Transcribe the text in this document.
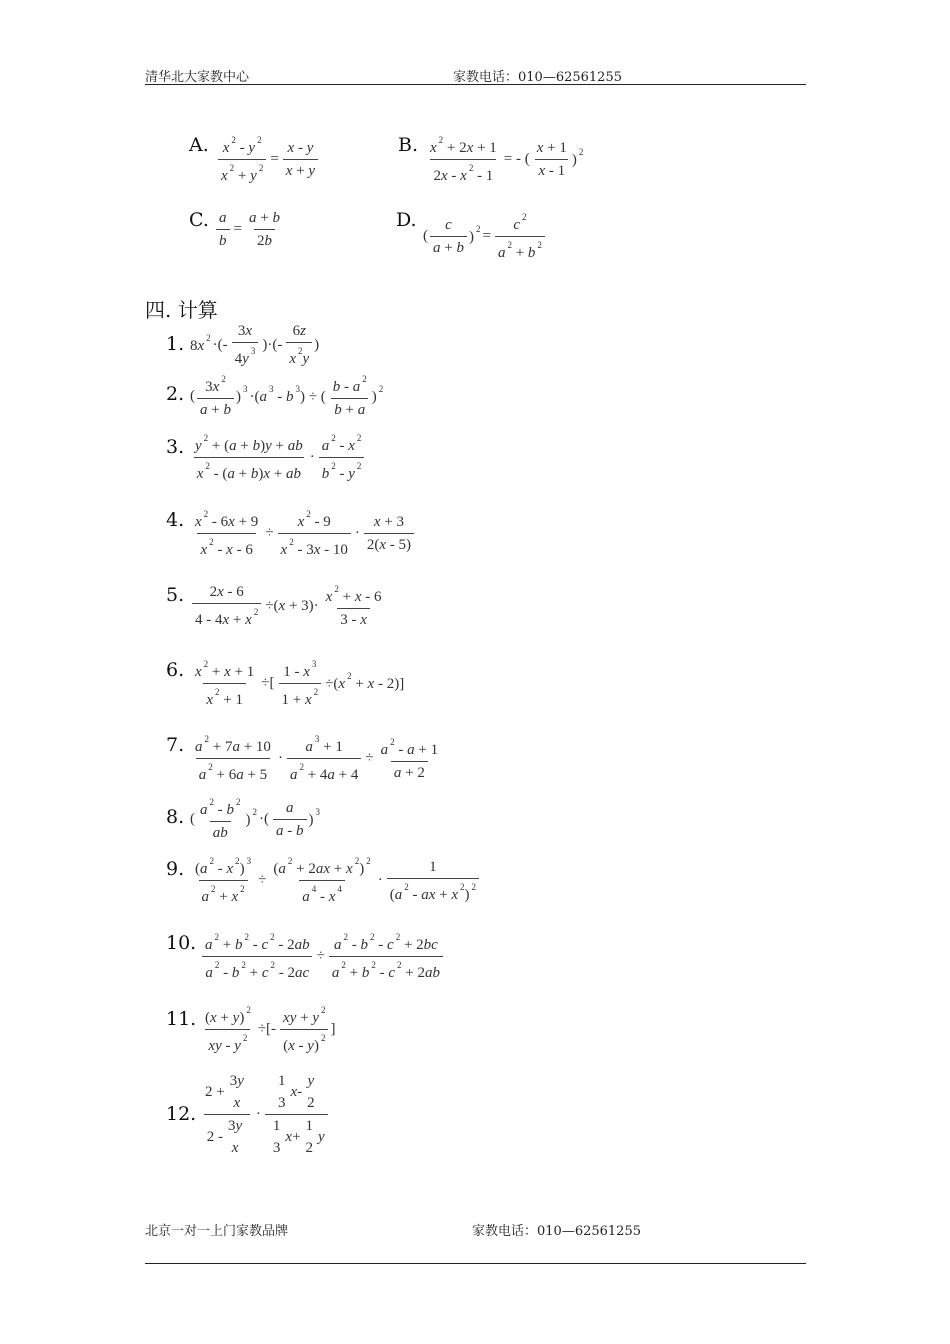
清华北大家教中心	家教电话：010—62561255
A. $\frac{x ^2 - y ^2}{x ^2 + y ^2} = \frac{x - y}{x + y}$	B. $\frac{x ^2 + 2x + 1}{2x - x ^2 - 1}$ = - (
x + 1
x - 1
) $^2$
C. $\frac{a}{b} = \frac{a + b}{2b}$	D.
(
c
a + b
) $^2 = \frac{c ^2}{a ^2 + b ^2}$
四. 计算
1. 8x $^2$ ·(-
3x
4y $^3$ )·(-
6z
x $^2$y
)
2. (
3x $^2$
a + b
) $^3$ ·(a $^3$ - b $^3$) ÷ (
b - a $^2$
b + a
) $^2$
3. y $^2$ + (a + b)y + ab
x $^2$ - (a + b)x + ab
·
a $^2$ - x $^2$
b $^2$ - y $^2$
4. $\frac{x ^2 - 6x + 9}{x ^2 - x - 6} \div \frac{x ^2 - 9}{x ^2 - 3x - 10}$ ·
x + 3
2(x - 5)
5. $\frac{2x - 6}{4 - 4x + x ^2} \div(x + 3)\cdot$
x $^2$ + x - 6
3 - x
6. $\frac{x ^2 + x + 1}{x ^2 + 1}$ ÷[ $\frac{1 - x ^3}{1 + x ^2} \div(x$ $^2$ + x - 2)]
7. a $^2$ + 7a + 10
a $^2$ + 6a + 5
· $\frac{a ^3 + 1}{a ^2 + 4a + 4} \div \frac{a ^2 - a + 1}{a + 2}$
8. (
a $^2$ - b $^2$
ab
) $^2$ ·(
a
a - b
) $^3$
9. $\frac{(a ^2 - x ^2) ^3}{a ^2 + x ^2} \div \frac{(a ^2 + 2ax + x ^2) ^2}{a ^4 - x ^4}$ ·
1
(a $^2$ - ax + x $^2$) $^2$
10. $\frac{a ^2 + b ^2 - c ^2 - 2ab}{a ^2 - b ^2 + c ^2 - 2ac} \div \frac{a ^2 - b ^2 - c ^2 + 2bc}{a ^2 + b ^2 - c ^2 + 2ab}$
11. $\frac{(x + y) ^2}{xy - y ^2}$ ÷[-
xy + y $^2$
(x - y) $^2$
]
12.
2 +
3y
x
2 -
3y
x
·
1
3
x -
y
2
1
3
x +
1
2
y
北京一对一上门家教品牌	家教电话：010—62561255
